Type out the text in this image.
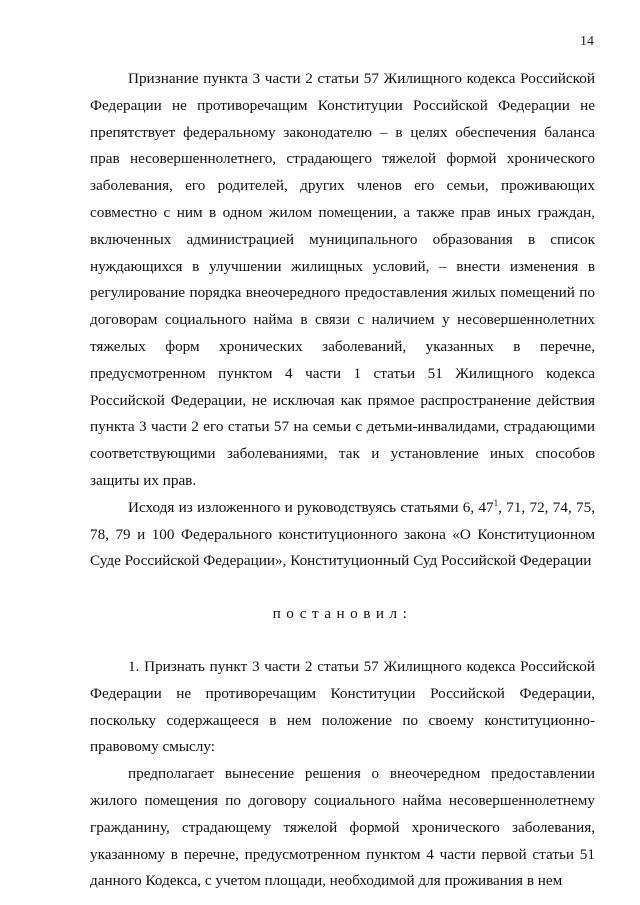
14

Признание пункта 3 части 2 статьи 57 Жилищного кодекса Российской Федерации не противоречащим Конституции Российской Федерации не препятствует федеральному законодателю – в целях обеспечения баланса прав несовершеннолетнего, страдающего тяжелой формой хронического заболевания, его родителей, других членов его семьи, проживающих совместно с ним в одном жилом помещении, а также прав иных граждан, включенных администрацией муниципального образования в список нуждающихся в улучшении жилищных условий, – внести изменения в регулирование порядка внеочередного предоставления жилых помещений по договорам социального найма в связи с наличием у несовершеннолетних тяжелых форм хронических заболеваний, указанных в перечне, предусмотренном пунктом 4 части 1 статьи 51 Жилищного кодекса Российской Федерации, не исключая как прямое распространение действия пункта 3 части 2 его статьи 57 на семьи с детьми-инвалидами, страдающими соответствующими заболеваниями, так и установление иных способов защиты их прав.

Исходя из изложенного и руководствуясь статьями 6, $47^1$, 71, 72, 74, 75, 78, 79 и 100 Федерального конституционного закона «О Конституционном Суде Российской Федерации», Конституционный Суд Российской Федерации

постановил:

1. Признать пункт 3 части 2 статьи 57 Жилищного кодекса Российской Федерации не противоречащим Конституции Российской Федерации, поскольку содержащееся в нем положение по своему конституционно-правовому смыслу:

предполагает вынесение решения о внеочередном предоставлении жилого помещения по договору социального найма несовершеннолетнему гражданину, страдающему тяжелой формой хронического заболевания, указанному в перечне, предусмотренном пунктом 4 части первой статьи 51 данного Кодекса, с учетом площади, необходимой для проживания в нем
